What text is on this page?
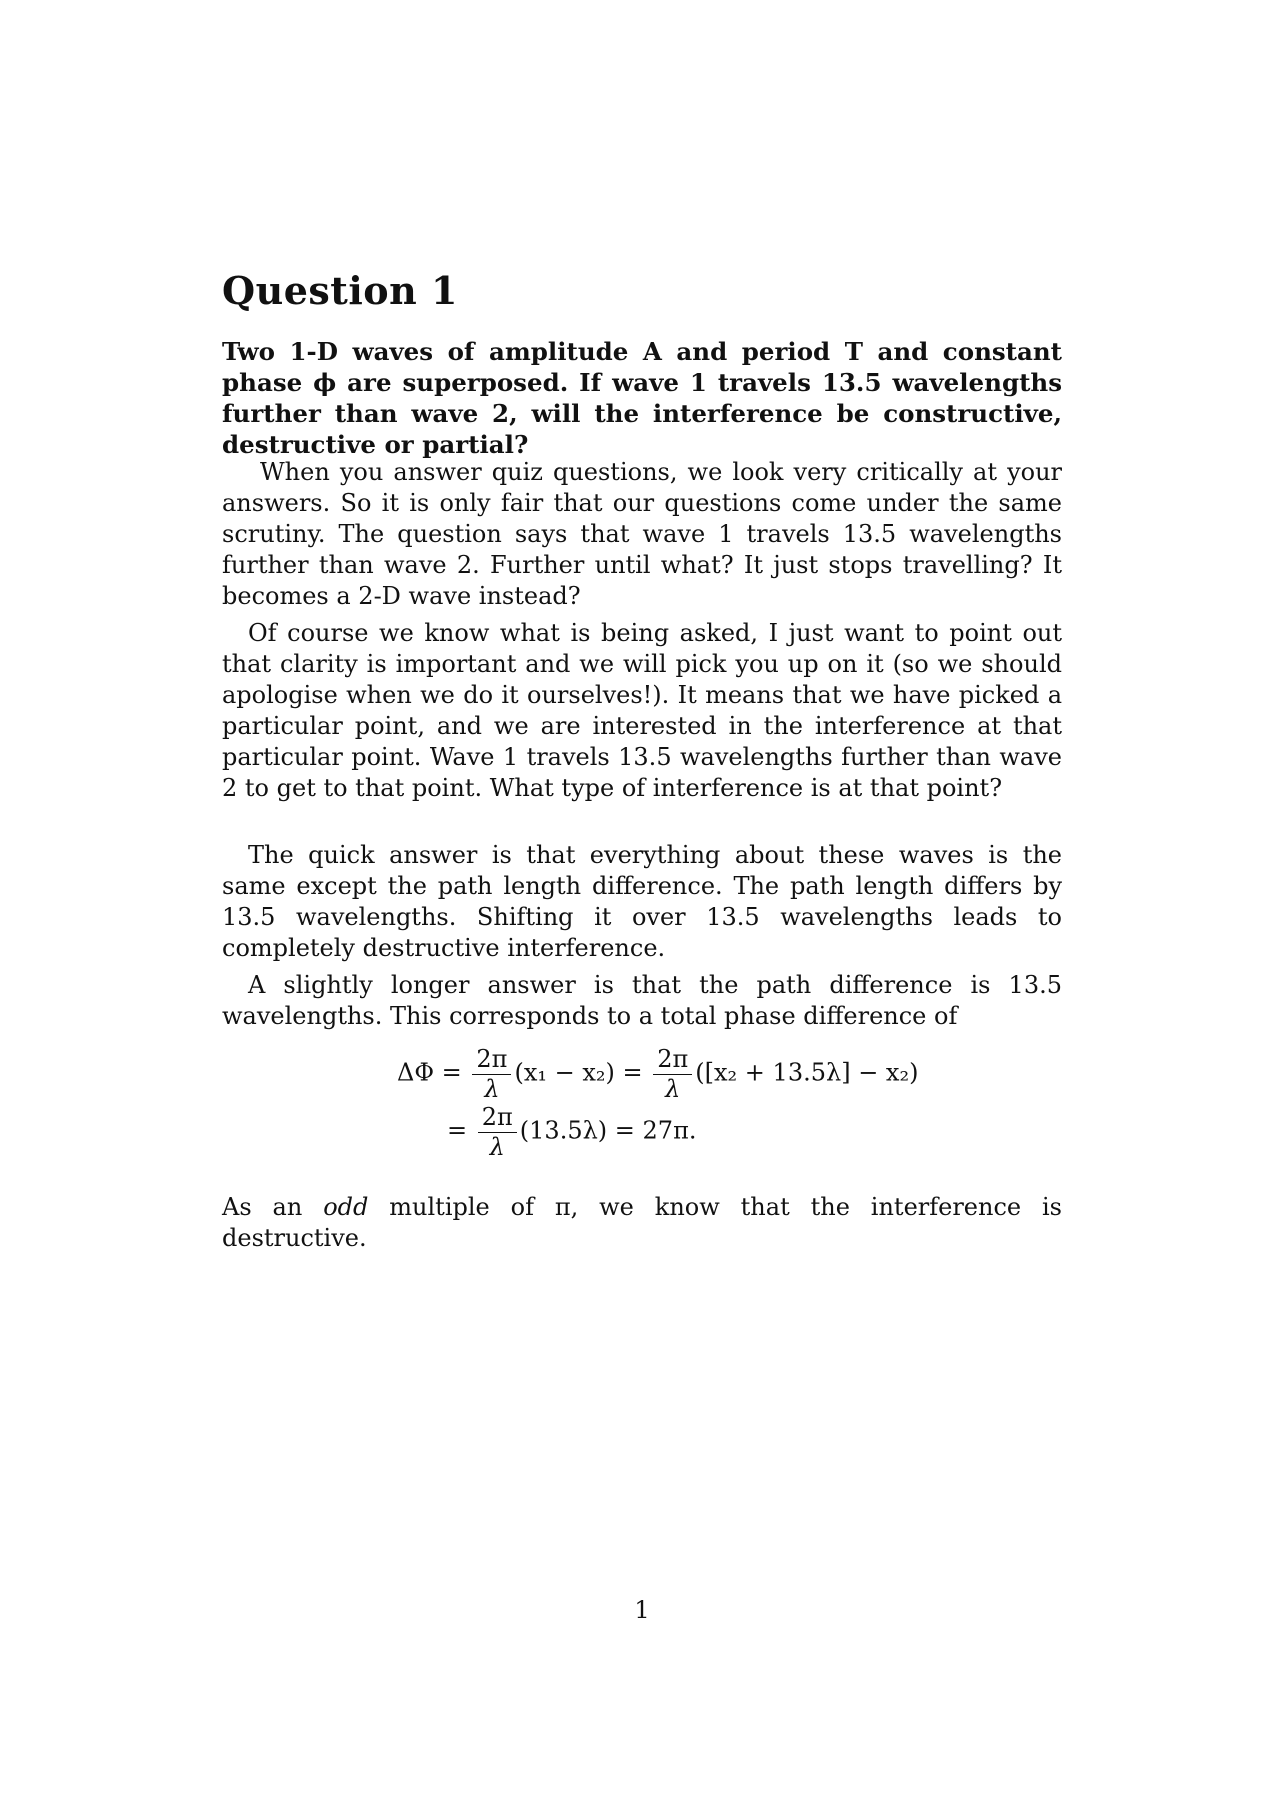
Question 1

Two 1-D waves of amplitude A and period T and constant phase ϕ are superposed. If wave 1 travels 13.5 wavelengths further than wave 2, will the interference be constructive, destructive or partial?

When you answer quiz questions, we look very critically at your answers. So it is only fair that our questions come under the same scrutiny. The question says that wave 1 travels 13.5 wavelengths further than wave 2. Further until what? It just stops travelling? It becomes a 2-D wave instead?

Of course we know what is being asked, I just want to point out that clarity is important and we will pick you up on it (so we should apologise when we do it ourselves!). It means that we have picked a particular point, and we are interested in the interference at that particular point. Wave 1 travels 13.5 wavelengths further than wave 2 to get to that point. What type of interference is at that point?

The quick answer is that everything about these waves is the same except the path length difference. The path length differs by 13.5 wavelengths. Shifting it over 13.5 wavelengths leads to completely destructive interference.

A slightly longer answer is that the path difference is 13.5 wavelengths. This corresponds to a total phase difference of

$\Delta\Phi = \frac{2\pi}{\lambda} (x_1 - x_2) = \frac{2\pi}{\lambda} ([x_2 + 13.5\lambda] - x_2)$
= $\frac{2\pi}{\lambda} (13.5\lambda) = 27\pi$.

As an odd multiple of π, we know that the interference is destructive.

1
